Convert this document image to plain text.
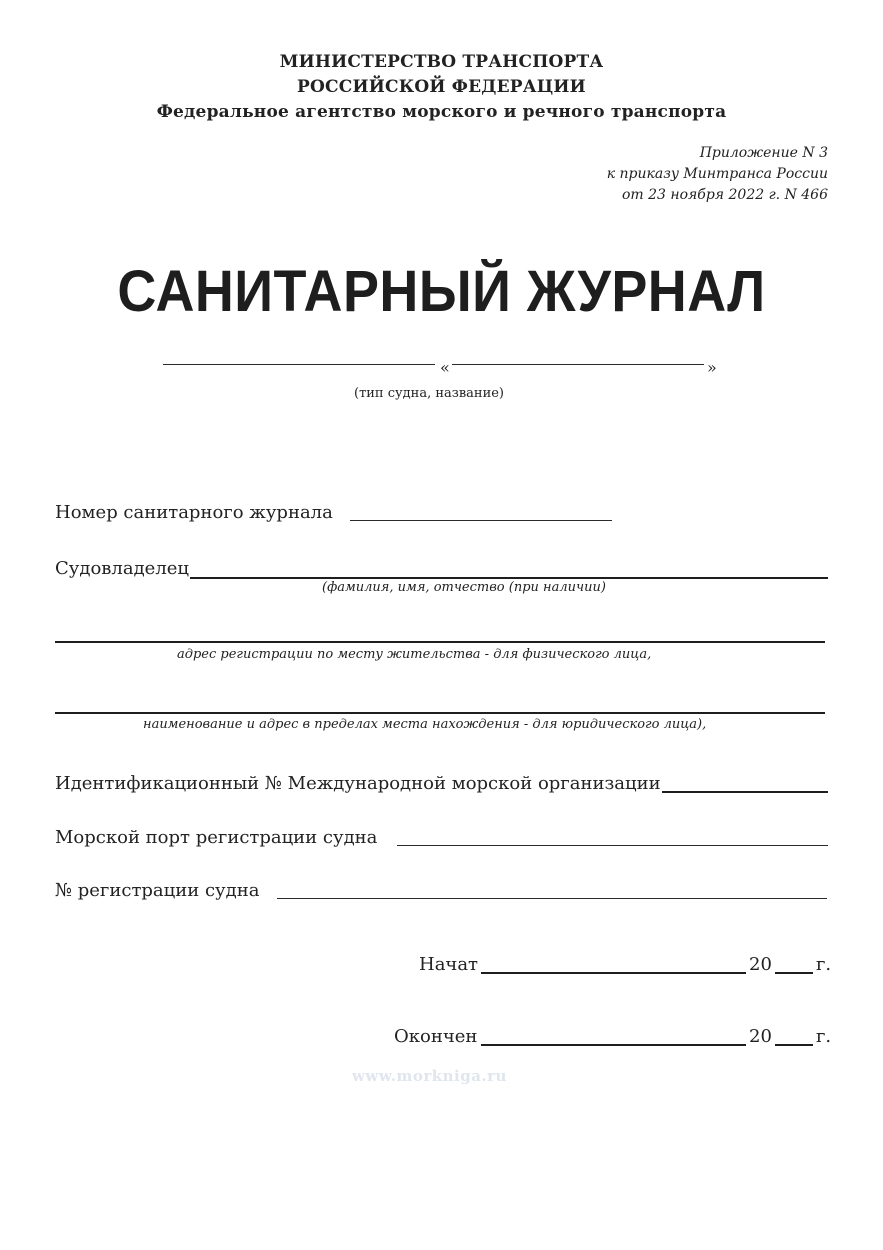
МИНИСТЕРСТВО ТРАНСПОРТА
РОССИЙСКОЙ ФЕДЕРАЦИИ
Федеральное агентство морского и речного транспорта
Приложение N 3
к приказу Минтранса России
от 23 ноября 2022 г. N 466
САНИТАРНЫЙ ЖУРНАЛ
«	»
(тип судна, название)
Номер санитарного журнала
Судовладелец
(фамилия, имя, отчество (при наличии)
адрес регистрации по месту жительства - для физического лица,
наименование и адрес в пределах места нахождения - для юридического лица),
Идентификационный № Международной морской организации
Морской порт регистрации судна
№ регистрации судна
Начат	20 г.
Окончен	20 г.
www.morkniga.ru
